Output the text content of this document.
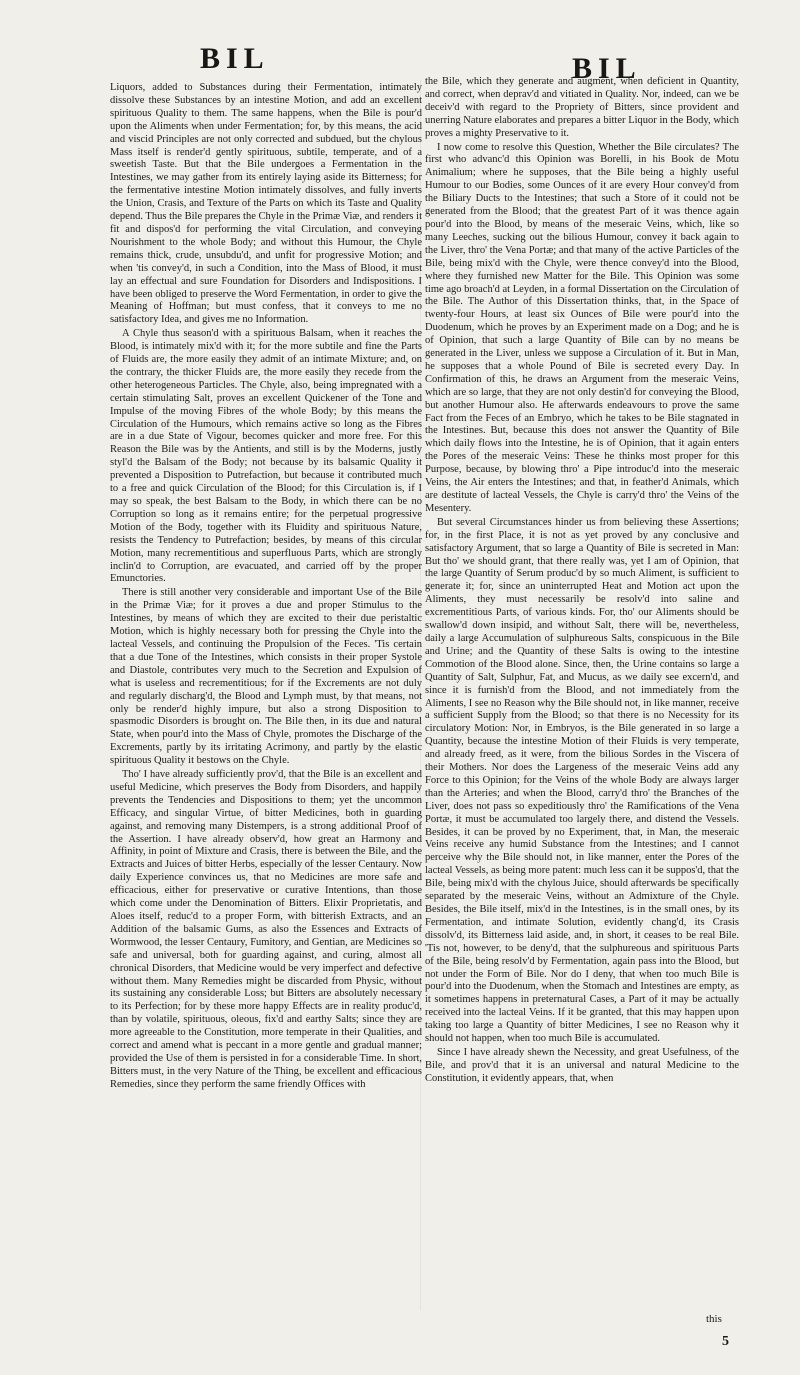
BIL	BIL

Liquors, added to Substances during their Fermentation, intimately dissolve these Substances by an intestine Motion, and add an excellent spirituous Quality to them. The same happens, when the Bile is pour'd upon the Aliments when under Fermentation; for, by this means, the acid and viscid Principles are not only corrected and subdued, but the chylous Mass itself is render'd gently spirituous, subtile, temperate, and of a sweetish Taste. But that the Bile undergoes a Fermentation in the Intestines, we may gather from its entirely laying aside its Bitterness; for the fermentative intestine Motion intimately dissolves, and fully inverts the Union, Crasis, and Texture of the Parts on which its Taste and Quality depend. Thus the Bile prepares the Chyle in the Primæ Viæ, and renders it fit and dispos'd for performing the vital Circulation, and conveying Nourishment to the whole Body; and without this Humour, the Chyle remains thick, crude, unsubdu'd, and unfit for progressive Motion; and when 'tis convey'd, in such a Condition, into the Mass of Blood, it must lay an effectual and sure Foundation for Disorders and Indispositions. I have been obliged to preserve the Word Fermentation, in order to give the Meaning of Hoffman; but must confess, that it conveys to me no satisfactory Idea, and gives me no Information.

A Chyle thus season'd with a spirituous Balsam, when it reaches the Blood, is intimately mix'd with it; for the more subtile and fine the Parts of Fluids are, the more easily they admit of an intimate Mixture; and, on the contrary, the thicker Fluids are, the more easily they recede from the other heterogeneous Particles. The Chyle, also, being impregnated with a certain stimulating Salt, proves an excellent Quickener of the Tone and Impulse of the moving Fibres of the whole Body; by this means the Circulation of the Humours, which remains active so long as the Fibres are in a due State of Vigour, becomes quicker and more free. For this Reason the Bile was by the Antients, and still is by the Moderns, justly styl'd the Balsam of the Body; not because by its balsamic Quality it prevented a Disposition to Putrefaction, but because it contributed much to a free and quick Circulation of the Blood; for this Circulation is, if I may so speak, the best Balsam to the Body, in which there can be no Corruption so long as it remains entire; for the perpetual progressive Motion of the Body, together with its Fluidity and spirituous Nature, resists the Tendency to Putrefaction; besides, by means of this circular Motion, many recrementitious and superfluous Parts, which are strongly inclin'd to Corruption, are evacuated, and carried off by the proper Emunctories.

There is still another very considerable and important Use of the Bile in the Primæ Viæ; for it proves a due and proper Stimulus to the Intestines, by means of which they are excited to their due peristaltic Motion, which is highly necessary both for pressing the Chyle into the lacteal Vessels, and continuing the Propulsion of the Feces. 'Tis certain that a due Tone of the Intestines, which consists in their proper Systole and Diastole, contributes very much to the Secretion and Expulsion of what is useless and recrementitious; for if the Excrements are not duly and regularly discharg'd, the Blood and Lymph must, by that means, not only be render'd highly impure, but also a strong Disposition to spasmodic Disorders is brought on. The Bile then, in its due and natural State, when pour'd into the Mass of Chyle, promotes the Discharge of the Excrements, partly by its irritating Acrimony, and partly by the elastic spirituous Quality it bestows on the Chyle.

Tho' I have already sufficiently prov'd, that the Bile is an excellent and useful Medicine, which preserves the Body from Disorders, and happily prevents the Tendencies and Dispositions to them; yet the uncommon Efficacy, and singular Virtue, of bitter Medicines, both in guarding against, and removing many Distempers, is a strong additional Proof of the Assertion. I have already observ'd, how great an Harmony and Affinity, in point of Mixture and Crasis, there is between the Bile, and the Extracts and Juices of bitter Herbs, especially of the lesser Centaury. Now daily Experience convinces us, that no Medicines are more safe and efficacious, either for preservative or curative Intentions, than those which come under the Denomination of Bitters. Elixir Proprietatis, and Aloes itself, reduc'd to a proper Form, with bitterish Extracts, and an Addition of the balsamic Gums, as also the Essences and Extracts of Wormwood, the lesser Centaury, Fumitory, and Gentian, are Medicines so safe and universal, both for guarding against, and curing, almost all chronical Disorders, that Medicine would be very imperfect and defective without them. Many Remedies might be discarded from Physic, without its sustaining any considerable Loss; but Bitters are absolutely necessary to its Perfection; for by these more happy Effects are in reality produc'd, than by volatile, spirituous, oleous, fix'd and earthy Salts; since they are more agreeable to the Constitution, more temperate in their Qualities, and correct and amend what is peccant in a more gentle and gradual manner; provided the Use of them is persisted in for a considerable Time. In short, Bitters must, in the very Nature of the Thing, be excellent and efficacious Remedies, since they perform the same friendly Offices with

the Bile, which they generate and augment, when deficient in Quantity, and correct, when deprav'd and vitiated in Quality. Nor, indeed, can we be deceiv'd with regard to the Propriety of Bitters, since provident and unerring Nature elaborates and prepares a bitter Liquor in the Body, which proves a mighty Preservative to it.

I now come to resolve this Question, Whether the Bile circulates? The first who advanc'd this Opinion was Borelli, in his Book de Motu Animalium; where he supposes, that the Bile being a highly useful Humour to our Bodies, some Ounces of it are every Hour convey'd from the Biliary Ducts to the Intestines; that such a Store of it could not be generated from the Blood; that the greatest Part of it was thence again pour'd into the Blood, by means of the meseraic Veins, which, like so many Leeches, sucking out the bilious Humour, convey it back again to the Liver, thro' the Vena Portæ; and that many of the active Particles of the Bile, being mix'd with the Chyle, were thence convey'd into the Blood, where they furnished new Matter for the Bile. This Opinion was some time ago broach'd at Leyden, in a formal Dissertation on the Circulation of the Bile. The Author of this Dissertation thinks, that, in the Space of twenty-four Hours, at least six Ounces of Bile were pour'd into the Duodenum, which he proves by an Experiment made on a Dog; and he is of Opinion, that such a large Quantity of Bile can by no means be generated in the Liver, unless we suppose a Circulation of it. But in Man, he supposes that a whole Pound of Bile is secreted every Day. In Confirmation of this, he draws an Argument from the meseraic Veins, which are so large, that they are not only destin'd for conveying the Blood, but another Humour also. He afterwards endeavours to prove the same Fact from the Feces of an Embryo, which he takes to be Bile stagnated in the Intestines. But, because this does not answer the Quantity of Bile which daily flows into the Intestine, he is of Opinion, that it again enters the Pores of the meseraic Veins: These he thinks most proper for this Purpose, because, by blowing thro' a Pipe introduc'd into the meseraic Veins, the Air enters the Intestines; and that, in feather'd Animals, which are destitute of lacteal Vessels, the Chyle is carry'd thro' the Veins of the Mesentery.

But several Circumstances hinder us from believing these Assertions; for, in the first Place, it is not as yet proved by any conclusive and satisfactory Argument, that so large a Quantity of Bile is secreted in Man: But tho' we should grant, that there really was, yet I am of Opinion, that the large Quantity of Serum produc'd by so much Aliment, is sufficient to generate it; for, since an uninterrupted Heat and Motion act upon the Aliments, they must necessarily be resolv'd into saline and excrementitious Parts, of various kinds. For, tho' our Aliments should be swallow'd down insipid, and without Salt, there will be, nevertheless, daily a large Accumulation of sulphureous Salts, conspicuous in the Bile and Urine; and the Quantity of these Salts is owing to the intestine Commotion of the Blood alone. Since, then, the Urine contains so large a Quantity of Salt, Sulphur, Fat, and Mucus, as we daily see excern'd, and since it is furnish'd from the Blood, and not immediately from the Aliments, I see no Reason why the Bile should not, in like manner, receive a sufficient Supply from the Blood; so that there is no Necessity for its circulatory Motion: Nor, in Embryos, is the Bile generated in so large a Quantity, because the intestine Motion of their Fluids is very temperate, and already freed, as it were, from the bilious Sordes in the Viscera of their Mothers. Nor does the Largeness of the meseraic Veins add any Force to this Opinion; for the Veins of the whole Body are always larger than the Arteries; and when the Blood, carry'd thro' the Branches of the Liver, does not pass so expeditiously thro' the Ramifications of the Vena Portæ, it must be accumulated too largely there, and distend the Vessels. Besides, it can be proved by no Experiment, that, in Man, the meseraic Veins receive any humid Substance from the Intestines; and I cannot perceive why the Bile should not, in like manner, enter the Pores of the lacteal Vessels, as being more patent: much less can it be suppos'd, that the Bile, being mix'd with the chylous Juice, should afterwards be specifically separated by the meseraic Veins, without an Admixture of the Chyle. Besides, the Bile itself, mix'd in the Intestines, is in the small ones, by its Fermentation, and intimate Solution, evidently chang'd, its Crasis dissolv'd, its Bitterness laid aside, and, in short, it ceases to be real Bile. 'Tis not, however, to be deny'd, that the sulphureous and spirituous Parts of the Bile, being resolv'd by Fermentation, again pass into the Blood, but not under the Form of Bile. Nor do I deny, that when too much Bile is pour'd into the Duodenum, when the Stomach and Intestines are empty, as it sometimes happens in preternatural Cases, a Part of it may be actually received into the lacteal Veins. If it be granted, that this may happen upon taking too large a Quantity of bitter Medicines, I see no Reason why it should not happen, when too much Bile is accumulated.

Since I have already shewn the Necessity, and great Usefulness, of the Bile, and prov'd that it is an universal and natural Medicine to the Constitution, it evidently appears, that, when

this
5
